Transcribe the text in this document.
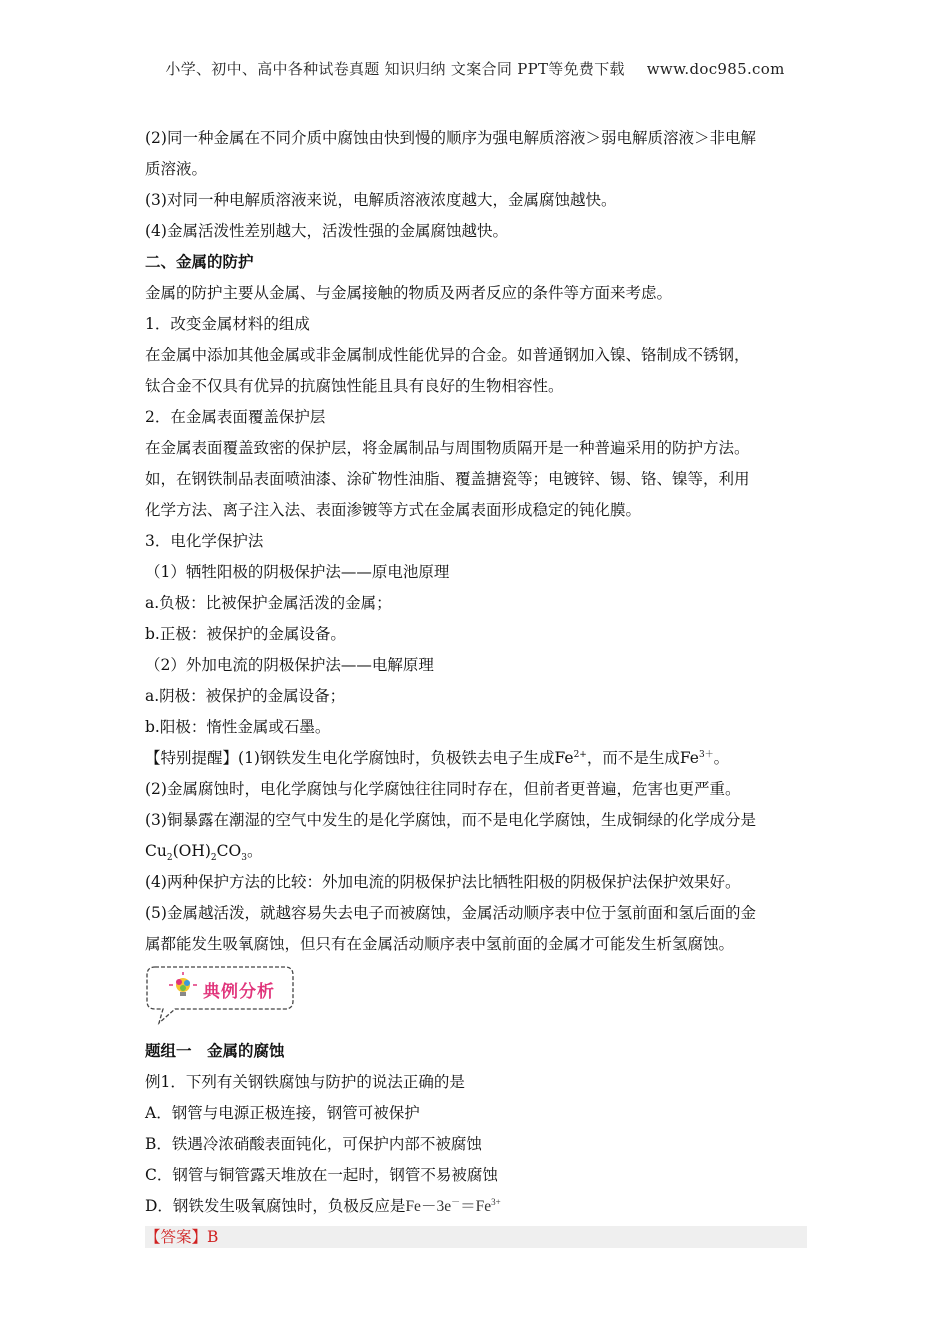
小学、初中、高中各种试卷真题 知识归纳 文案合同 PPT等免费下载 www.doc985.com

(2)同一种金属在不同介质中腐蚀由快到慢的顺序为强电解质溶液＞弱电解质溶液＞非电解

质溶液。

(3)对同一种电解质溶液来说，电解质溶液浓度越大，金属腐蚀越快。

(4)金属活泼性差别越大，活泼性强的金属腐蚀越快。

二、金属的防护

金属的防护主要从金属、与金属接触的物质及两者反应的条件等方面来考虑。

1．改变金属材料的组成

在金属中添加其他金属或非金属制成性能优异的合金。如普通钢加入镍、铬制成不锈钢，

钛合金不仅具有优异的抗腐蚀性能且具有良好的生物相容性。

2．在金属表面覆盖保护层

在金属表面覆盖致密的保护层，将金属制品与周围物质隔开是一种普遍采用的防护方法。

如，在钢铁制品表面喷油漆、涂矿物性油脂、覆盖搪瓷等；电镀锌、锡、铬、镍等，利用

化学方法、离子注入法、表面渗镀等方式在金属表面形成稳定的钝化膜。

3．电化学保护法

（1）牺牲阳极的阴极保护法——原电池原理

a.负极：比被保护金属活泼的金属；

b.正极：被保护的金属设备。

（2）外加电流的阴极保护法——电解原理

a.阴极：被保护的金属设备；

b.阳极：惰性金属或石墨。

【特别提醒】(1)钢铁发生电化学腐蚀时，负极铁去电子生成$Fe^{2+}$，而不是生成$Fe^{3+}$。

(2)金属腐蚀时，电化学腐蚀与化学腐蚀往往同时存在，但前者更普遍，危害也更严重。

(3)铜暴露在潮湿的空气中发生的是化学腐蚀，而不是电化学腐蚀，生成铜绿的化学成分是

$Cu_2(OH)_2CO_3$。

(4)两种保护方法的比较：外加电流的阴极保护法比牺牲阳极的阴极保护法保护效果好。

(5)金属越活泼，就越容易失去电子而被腐蚀，金属活动顺序表中位于氢前面和氢后面的金

属都能发生吸氧腐蚀，但只有在金属活动顺序表中氢前面的金属才可能发生析氢腐蚀。

典例分析

题组一　金属的腐蚀

例1．下列有关钢铁腐蚀与防护的说法正确的是

A．钢管与电源正极连接，钢管可被保护

B．铁遇冷浓硝酸表面钝化，可保护内部不被腐蚀

C．钢管与铜管露天堆放在一起时，钢管不易被腐蚀

D．钢铁发生吸氧腐蚀时，负极反应是$Fe-3e^-=Fe^{3+}$

【答案】B
